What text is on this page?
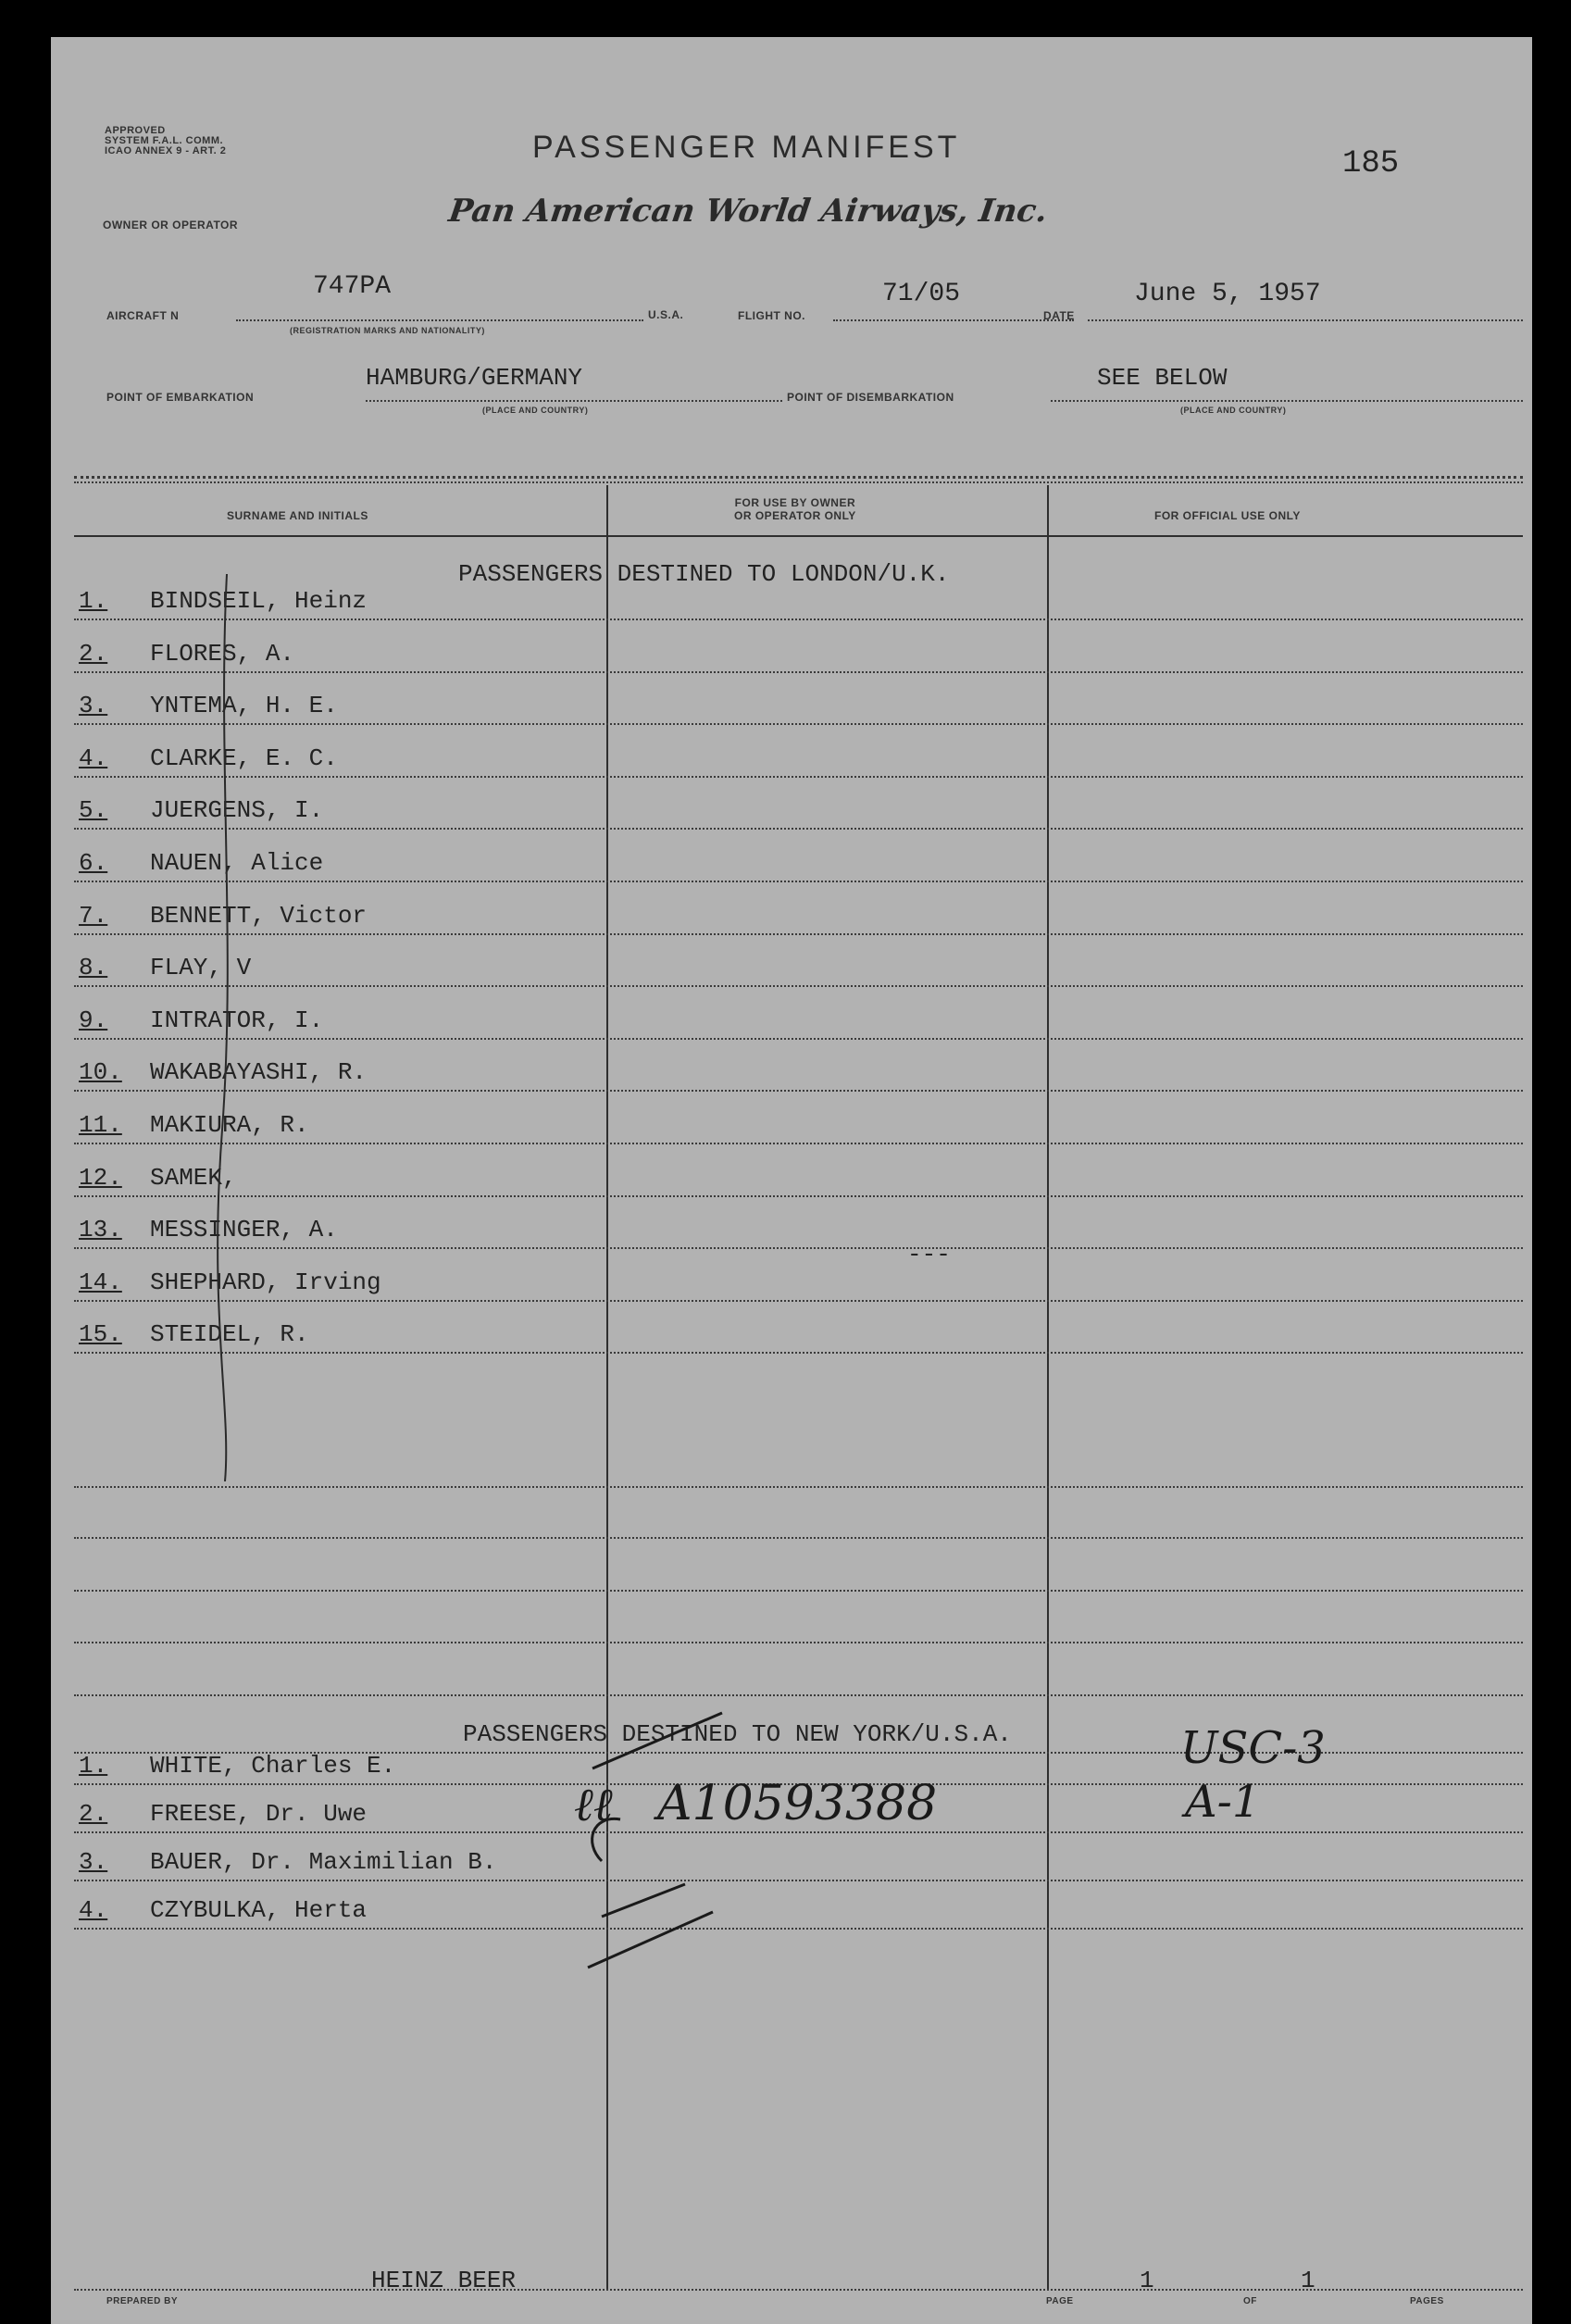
APPROVED
SYSTEM F.A.L. COMM.
ICAO ANNEX 9 - ART. 2	PASSENGER MANIFEST	185
OWNER OR OPERATOR	Pan American World Airways, Inc.
AIRCRAFT N
747PA
(REGISTRATION MARKS AND NATIONALITY)
U.S.A.	FLIGHT NO.
71/05
DATE
June 5, 1957
POINT OF EMBARKATION
HAMBURG/GERMANY
(PLACE AND COUNTRY)
POINT OF DISEMBARKATION
SEE BELOW
(PLACE AND COUNTRY)
SURNAME AND INITIALS
FOR USE BY OWNER
OR OPERATOR ONLY	FOR OFFICIAL USE ONLY
PASSENGERS DESTINED TO LONDON/U.K.
1. BINDSEIL, Heinz
2. FLORES, A.
3. YNTEMA, H. E.
4. CLARKE, E. C.
5. JUERGENS, I.
6. NAUEN, Alice
7. BENNETT, Victor
8. FLAY, V
9. INTRATOR, I.
10. WAKABAYASHI, R.
11. MAKIURA, R.
12. SAMEK,
13. MESSINGER, A.
14. SHEPHARD, Irving
15. STEIDEL, R.
---
PASSENGERS DESTINED TO NEW YORK/U.S.A.
1. WHITE, Charles E.
2. FREESE, Dr. Uwe
3. BAUER, Dr. Maximilian B.
4. CZYBULKA, Herta
USC-3
A-1
ℓℓ A10593388
PREPARED BY
HEINZ BEER
PAGE
1
OF
1
PAGES
